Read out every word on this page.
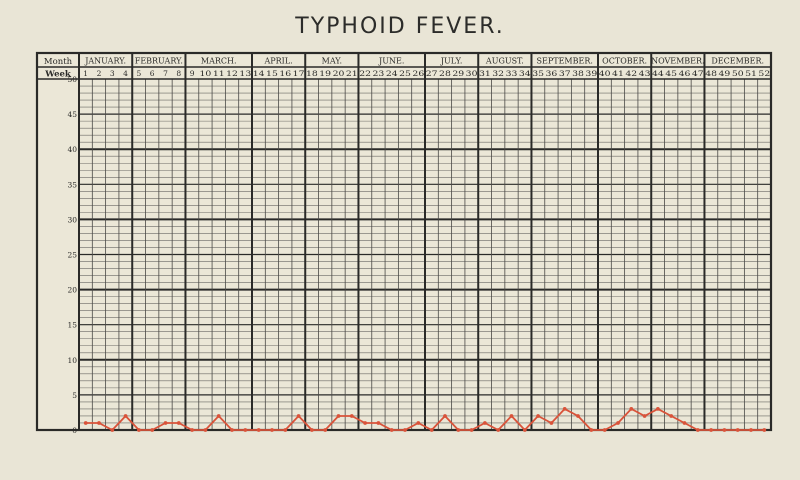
TYPHOID FEVER.
Month
Week
JANUARY. FEBRUARY. MARCH.	APRIL.	MAY.	JUNE.	JULY.	AUGUST. SEPTEMBER. OCTOBER. NOVEMBER. DECEMBER.
1 2 3 4 5 6 7 8 9 10 11 12 13 14 15 16 17 18 19 20 21 22 23 24 25 26 27 28 29 30 31 32 33 34 35 36 37 38 39 40 41 42 43 44 45 46 47 48 49 50 51 52
0
5
10
15
20
25
30
35
40
45
50
